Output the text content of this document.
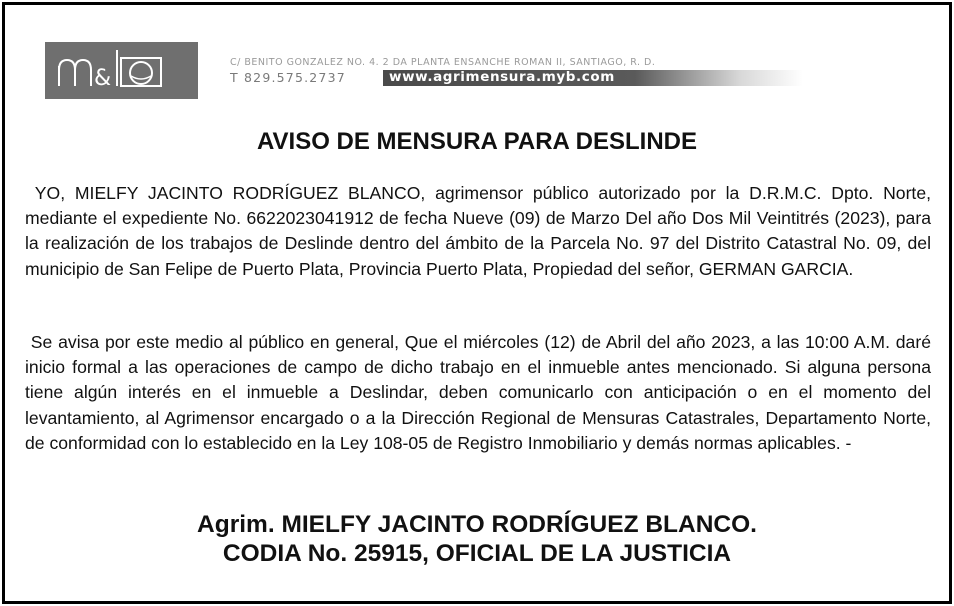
&
C/ BENITO GONZALEZ NO. 4. 2 DA PLANTA ENSANCHE ROMAN II, SANTIAGO, R. D.
T 829.575.2737	www.agrimensura.myb.com
AVISO DE MENSURA PARA DESLINDE

YO, MIELFY JACINTO RODRÍGUEZ BLANCO, agrimensor público autorizado por la D.R.M.C. Dpto. Norte, mediante el expediente No. 6622023041912 de fecha Nueve (09) de Marzo Del año Dos Mil Veintitrés (2023), para la realización de los trabajos de Deslinde dentro del ámbito de la Parcela No. 97 del Distrito Catastral No. 09, del municipio de San Felipe de Puerto Plata, Provincia Puerto Plata, Propiedad del señor, GERMAN GARCIA.

Se avisa por este medio al público en general, Que el miércoles (12) de Abril del año 2023, a las 10:00 A.M. daré inicio formal a las operaciones de campo de dicho trabajo en el inmueble antes mencionado. Si alguna persona tiene algún interés en el inmueble a Deslindar, deben comunicarlo con anticipación o en el momento del levantamiento, al Agrimensor encargado o a la Dirección Regional de Mensuras Catastrales, Departamento Norte, de conformidad con lo establecido en la Ley 108-05 de Registro Inmobiliario y demás normas aplicables. -

Agrim. MIELFY JACINTO RODRÍGUEZ BLANCO.
CODIA No. 25915, OFICIAL DE LA JUSTICIA
